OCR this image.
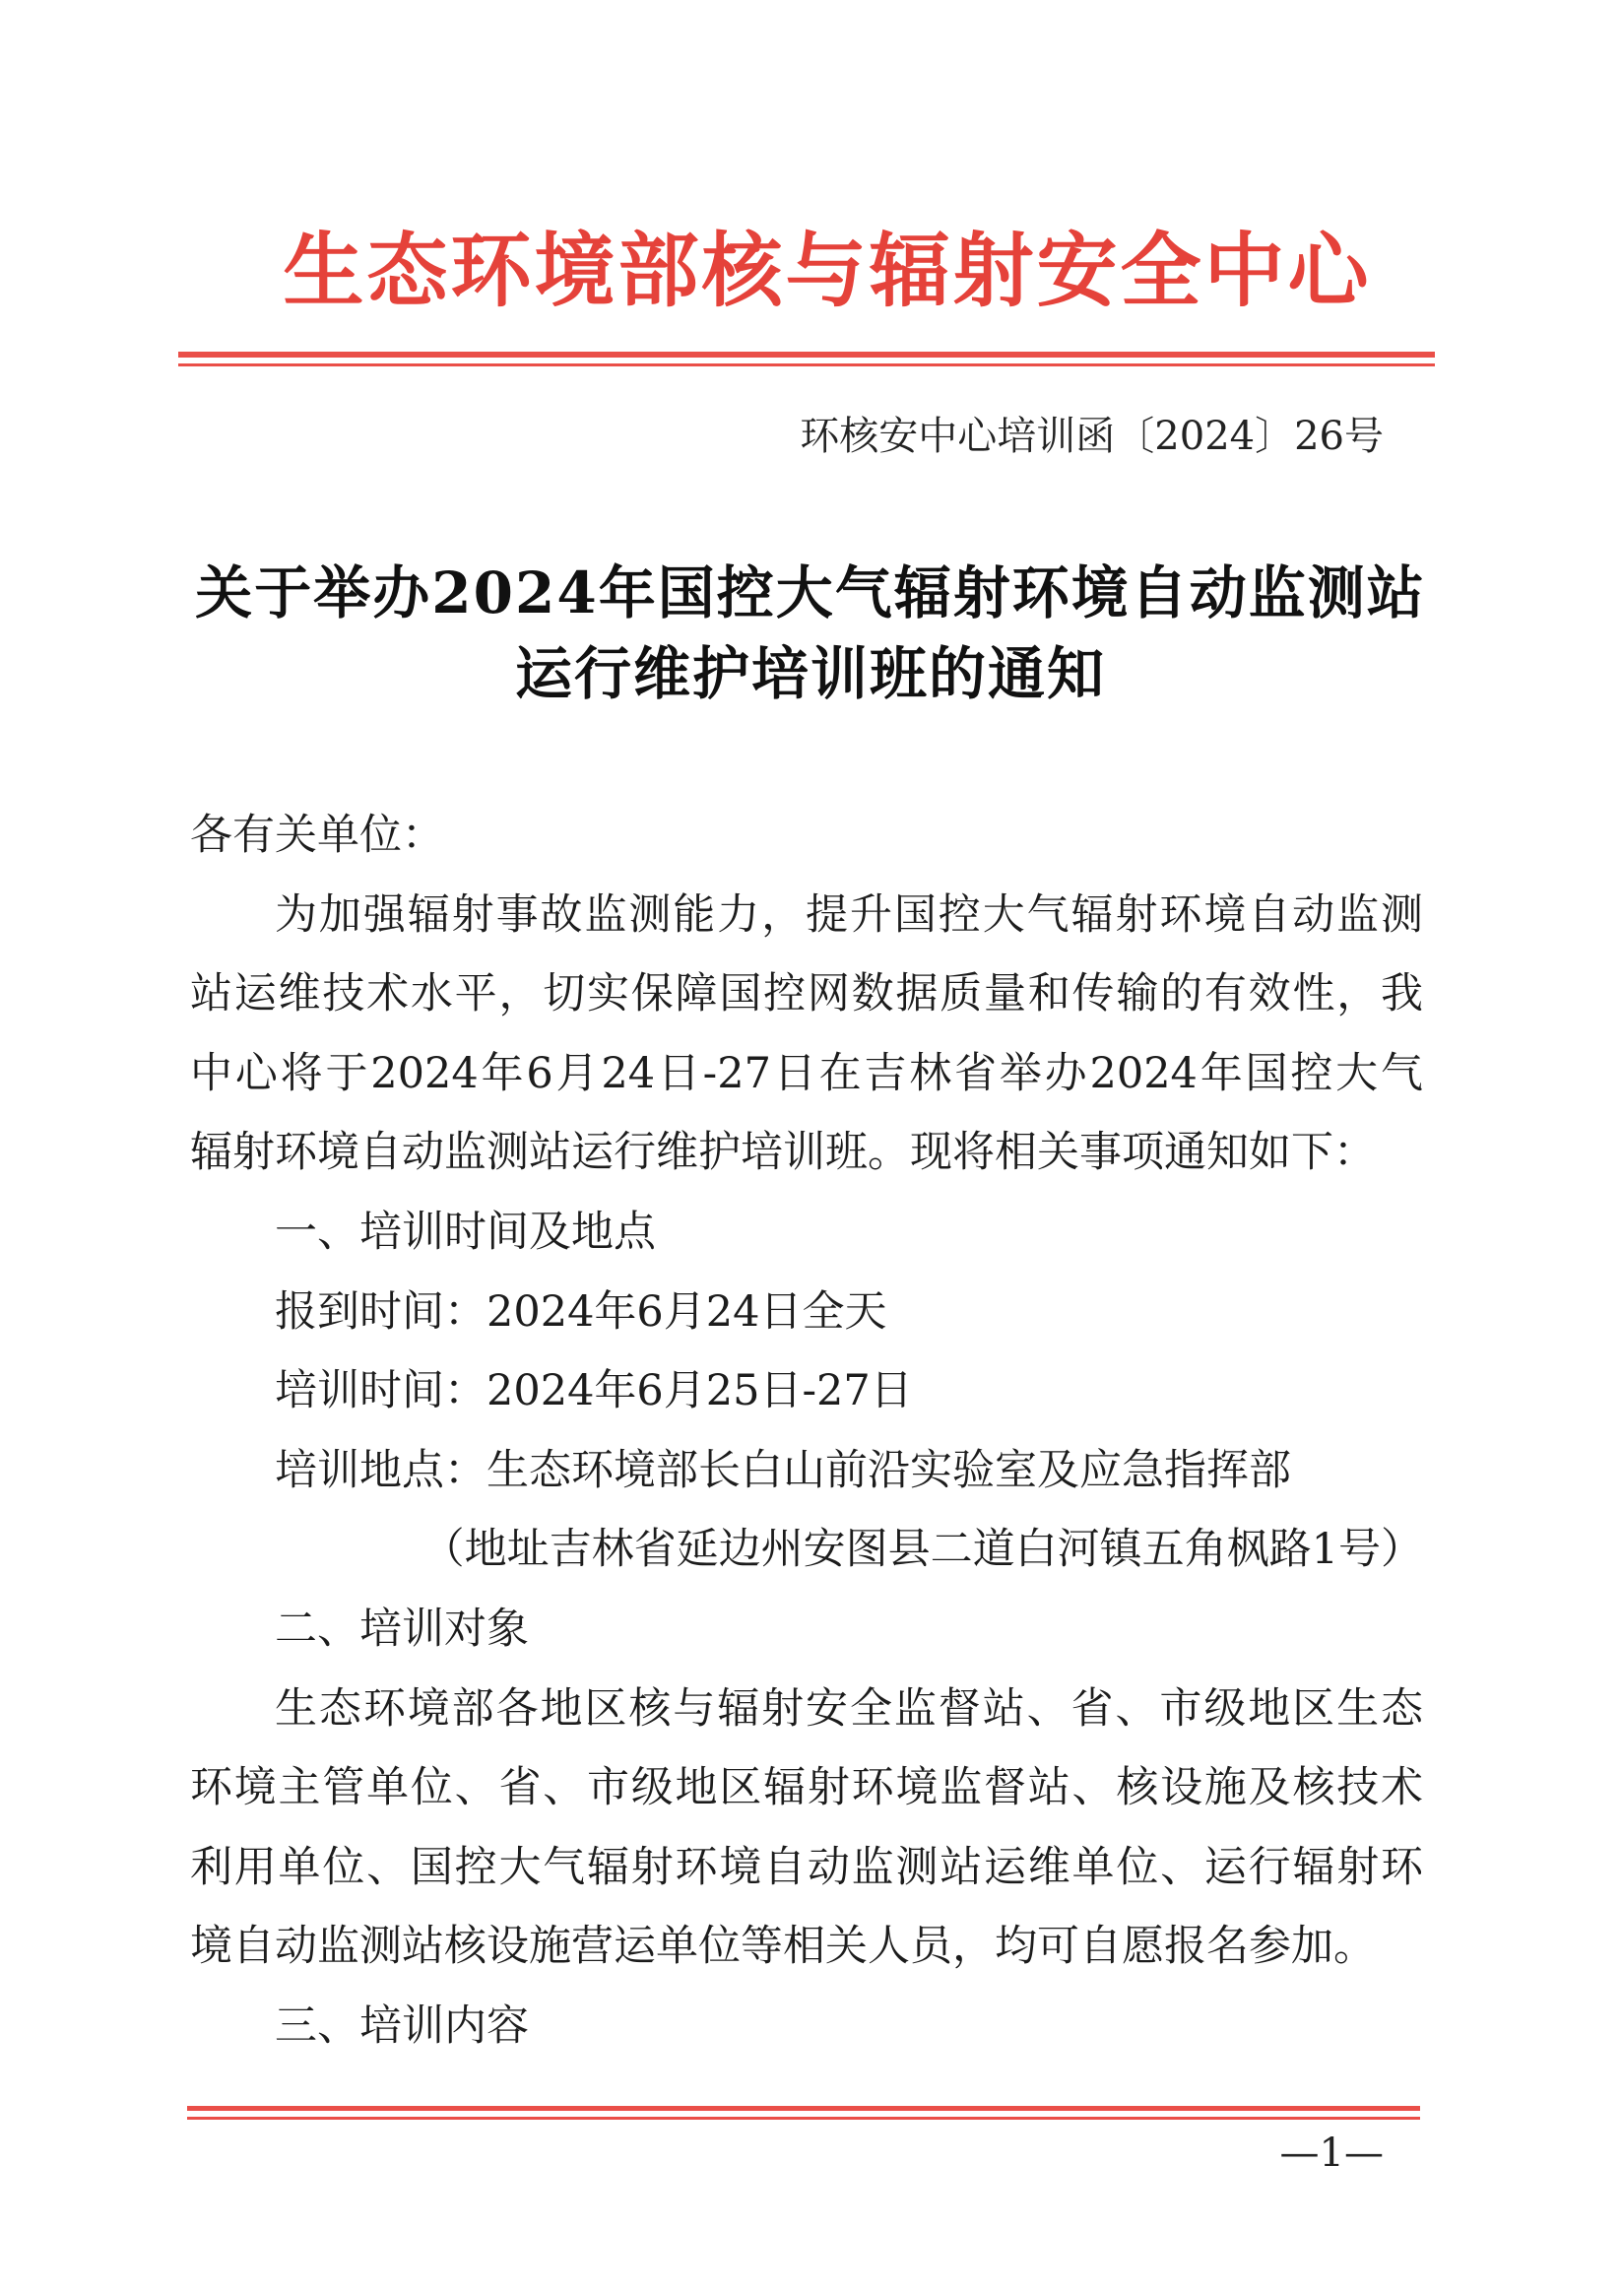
生态环境部核与辐射安全中心
环核安中心培训函〔2024〕26号
关于举办2024年国控大气辐射环境自动监测站
运行维护培训班的通知
各有关单位：
为加强辐射事故监测能力，提升国控大气辐射环境自动监测
站运维技术水平，切实保障国控网数据质量和传输的有效性，我
中心将于2024年6月24日-27日在吉林省举办2024年国控大气
辐射环境自动监测站运行维护培训班。现将相关事项通知如下：
一、培训时间及地点
报到时间：2024年6月24日全天
培训时间：2024年6月25日-27日
培训地点：生态环境部长白山前沿实验室及应急指挥部
（地址吉林省延边州安图县二道白河镇五角枫路1号）
二、培训对象
生态环境部各地区核与辐射安全监督站、省、市级地区生态
环境主管单位、省、市级地区辐射环境监督站、核设施及核技术
利用单位、国控大气辐射环境自动监测站运维单位、运行辐射环
境自动监测站核设施营运单位等相关人员，均可自愿报名参加。
三、培训内容
—1—
